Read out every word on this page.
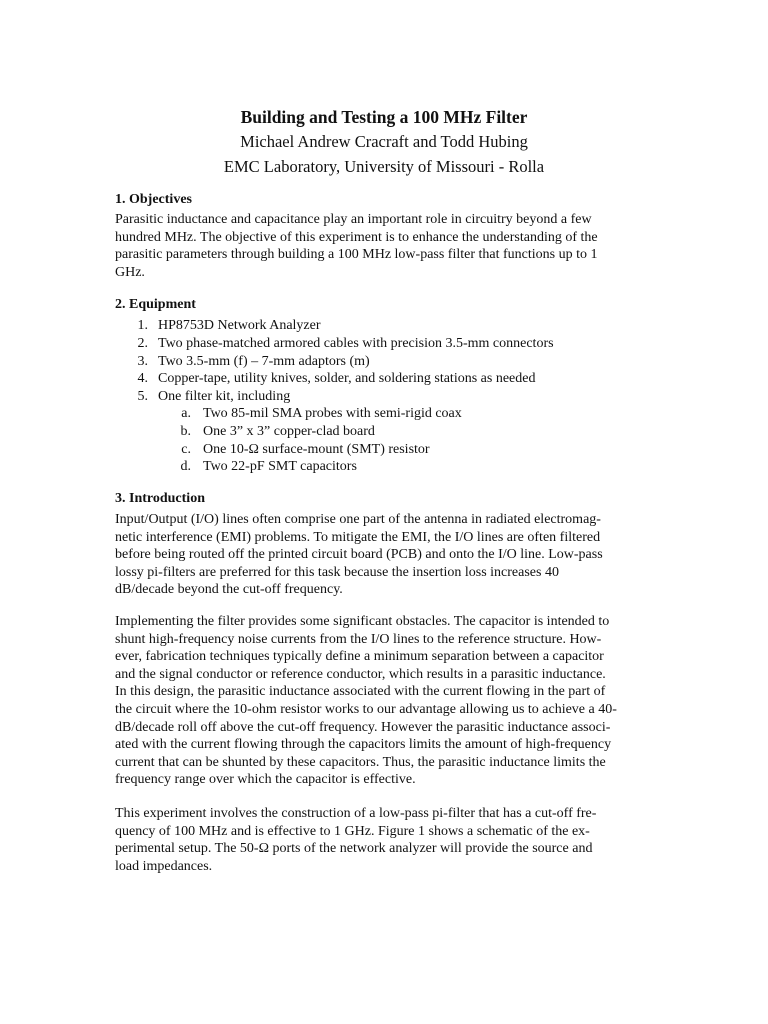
Building and Testing a 100 MHz Filter
Michael Andrew Cracraft and Todd Hubing
EMC Laboratory, University of Missouri - Rolla
1. Objectives
Parasitic inductance and capacitance play an important role in circuitry beyond a few
hundred MHz. The objective of this experiment is to enhance the understanding of the
parasitic parameters through building a 100 MHz low-pass filter that functions up to 1
GHz.
2. Equipment
1. HP8753D Network Analyzer
2. Two phase-matched armored cables with precision 3.5-mm connectors
3. Two 3.5-mm (f) – 7-mm adaptors (m)
4. Copper-tape, utility knives, solder, and soldering stations as needed
5. One filter kit, including
a. Two 85-mil SMA probes with semi-rigid coax
b. One 3” x 3” copper-clad board
c. One 10-Ω surface-mount (SMT) resistor
d. Two 22-pF SMT capacitors
3. Introduction
Input/Output (I/O) lines often comprise one part of the antenna in radiated electromag-
netic interference (EMI) problems. To mitigate the EMI, the I/O lines are often filtered
before being routed off the printed circuit board (PCB) and onto the I/O line. Low-pass
lossy pi-filters are preferred for this task because the insertion loss increases 40
dB/decade beyond the cut-off frequency.
Implementing the filter provides some significant obstacles. The capacitor is intended to
shunt high-frequency noise currents from the I/O lines to the reference structure. How-
ever, fabrication techniques typically define a minimum separation between a capacitor
and the signal conductor or reference conductor, which results in a parasitic inductance.
In this design, the parasitic inductance associated with the current flowing in the part of
the circuit where the 10-ohm resistor works to our advantage allowing us to achieve a 40-
dB/decade roll off above the cut-off frequency. However the parasitic inductance associ-
ated with the current flowing through the capacitors limits the amount of high-frequency
current that can be shunted by these capacitors. Thus, the parasitic inductance limits the
frequency range over which the capacitor is effective.
This experiment involves the construction of a low-pass pi-filter that has a cut-off fre-
quency of 100 MHz and is effective to 1 GHz. Figure 1 shows a schematic of the ex-
perimental setup. The 50-Ω ports of the network analyzer will provide the source and
load impedances.
